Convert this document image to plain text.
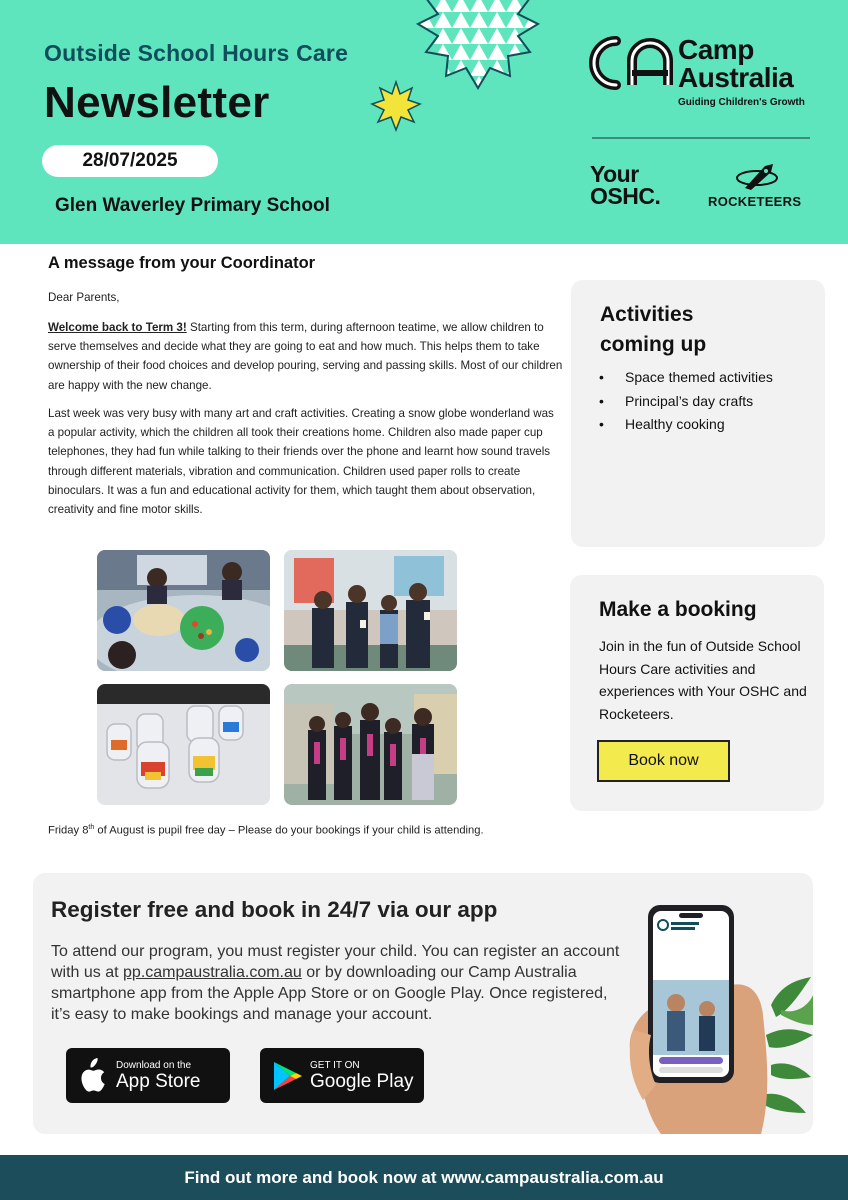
Outside School Hours Care
Newsletter
28/07/2025
Glen Waverley Primary School
Camp
Australia
Guiding Children's Growth
Your
OSHC.	ROCKETEERS
A message from your Coordinator
Dear Parents,
Welcome back to Term 3! Starting from this term, during afternoon teatime, we allow children to serve themselves and decide what they are going to eat and how much. This helps them to take ownership of their food choices and develop pouring, serving and passing skills. Most of our children are happy with the new change.
Last week was very busy with many art and craft activities. Creating a snow globe wonderland was a popular activity, which the children all took their creations home. Children also made paper cup telephones, they had fun while talking to their friends over the phone and learnt how sound travels through different materials, vibration and communication. Children used paper rolls to create binoculars. It was a fun and educational activity for them, which taught them about observation, creativity and fine motor skills.
Friday 8th of August is pupil free day – Please do your bookings if your child is attending.
Activities
coming up
•	Space themed activities
•	Principal’s day crafts
•	Healthy cooking
Make a booking
Join in the fun of Outside School Hours Care activities and experiences with Your OSHC and Rocketeers.
Book now
Register free and book in 24/7 via our app
To attend our program, you must register your child. You can register an account with us at pp.campaustralia.com.au or by downloading our Camp Australia smartphone app from the Apple App Store or on Google Play. Once registered, it’s easy to make bookings and manage your account.
Download on the
App Store
GET IT ON
Google Play
Find out more and book now at www.campaustralia.com.au
